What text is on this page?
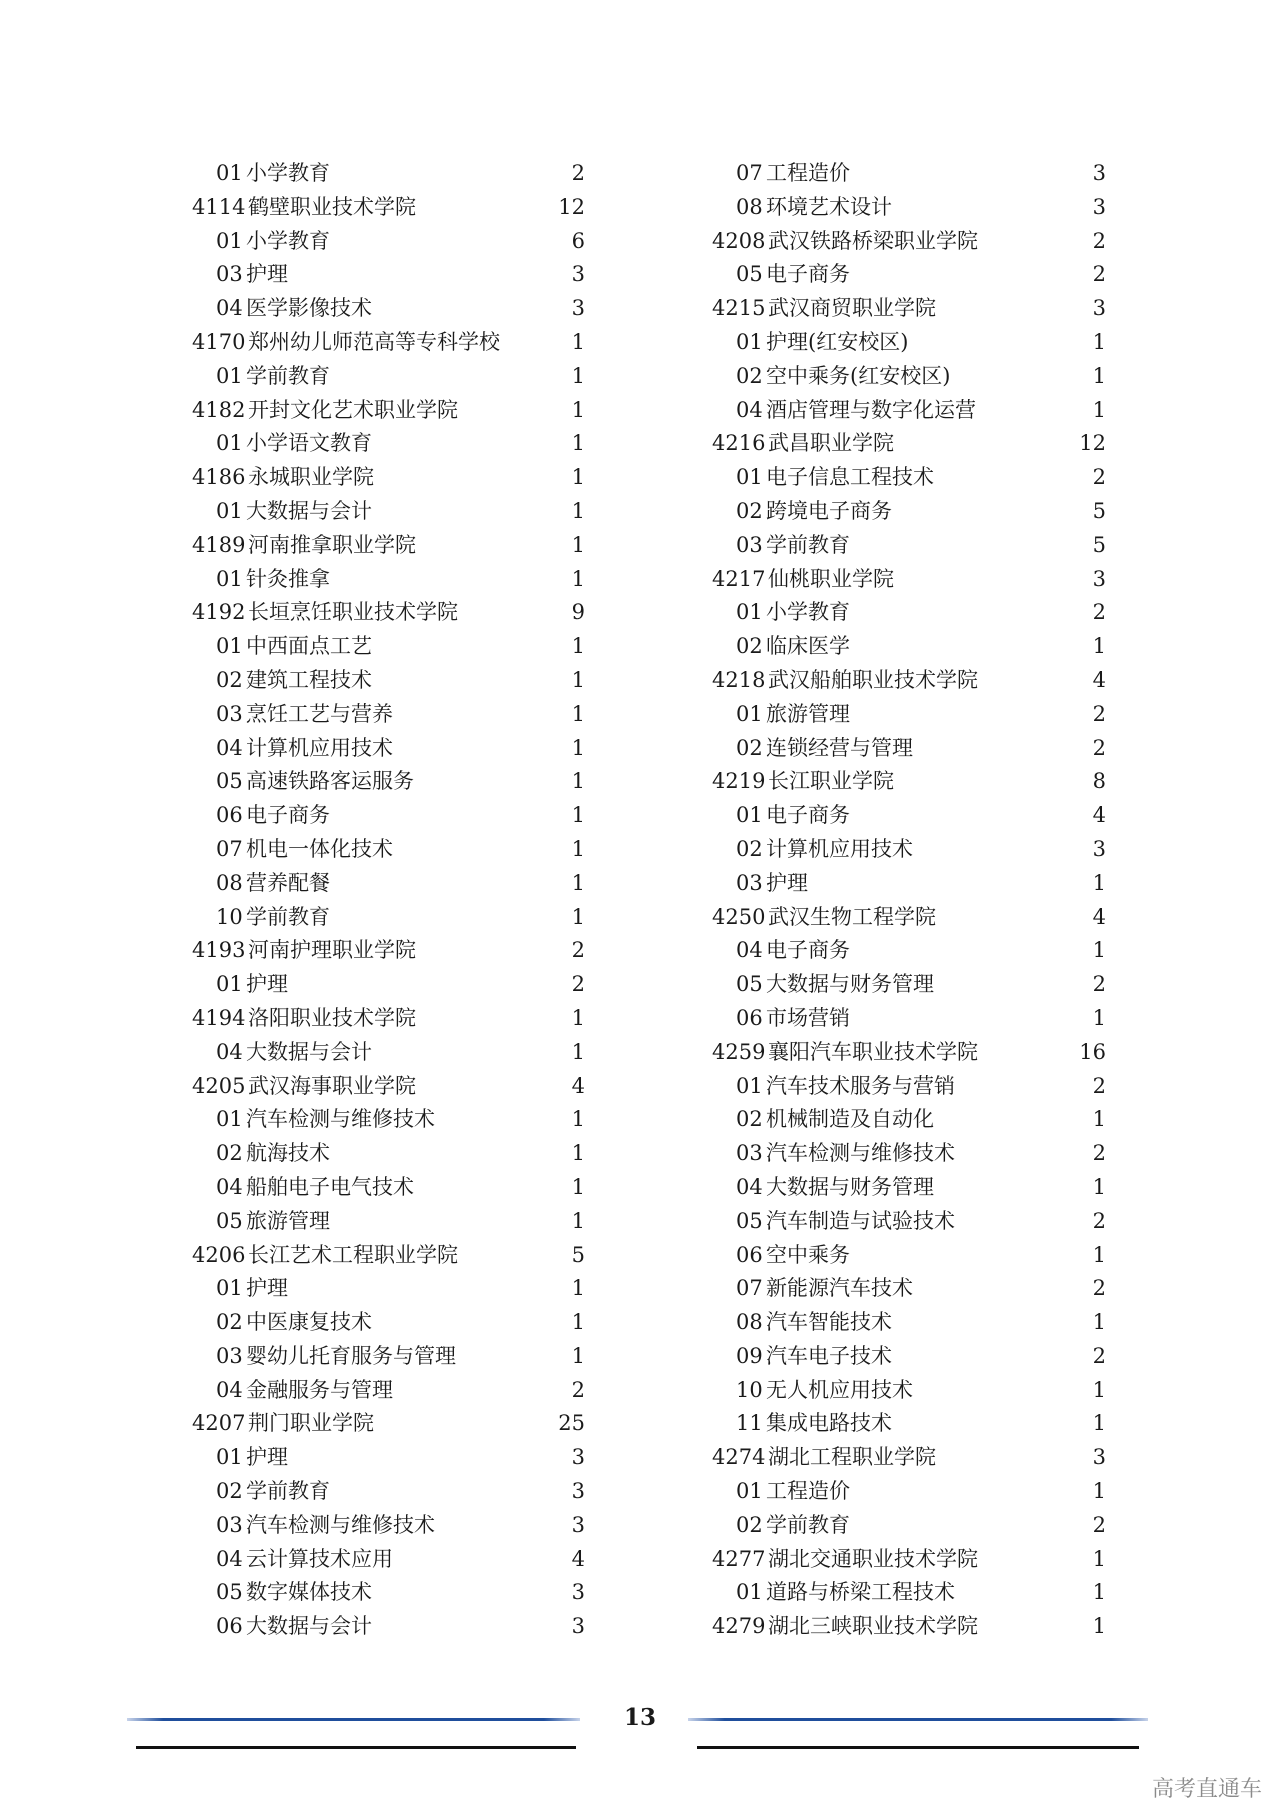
01 小学教育	2
4114 鹤壁职业技术学院	12
01 小学教育	6
03 护理	3
04 医学影像技术	3
4170 郑州幼儿师范高等专科学校	1
01 学前教育	1
4182 开封文化艺术职业学院	1
01 小学语文教育	1
4186 永城职业学院	1
01 大数据与会计	1
4189 河南推拿职业学院	1
01 针灸推拿	1
4192 长垣烹饪职业技术学院	9
01 中西面点工艺	1
02 建筑工程技术	1
03 烹饪工艺与营养	1
04 计算机应用技术	1
05 高速铁路客运服务	1
06 电子商务	1
07 机电一体化技术	1
08 营养配餐	1
10 学前教育	1
4193 河南护理职业学院	2
01 护理	2
4194 洛阳职业技术学院	1
04 大数据与会计	1
4205 武汉海事职业学院	4
01 汽车检测与维修技术	1
02 航海技术	1
04 船舶电子电气技术	1
05 旅游管理	1
4206 长江艺术工程职业学院	5
01 护理	1
02 中医康复技术	1
03 婴幼儿托育服务与管理	1
04 金融服务与管理	2
4207 荆门职业学院	25
01 护理	3
02 学前教育	3
03 汽车检测与维修技术	3
04 云计算技术应用	4
05 数字媒体技术	3
06 大数据与会计	3
07 工程造价	3
08 环境艺术设计	3
4208 武汉铁路桥梁职业学院	2
05 电子商务	2
4215 武汉商贸职业学院	3
01 护理(红安校区)	1
02 空中乘务(红安校区)	1
04 酒店管理与数字化运营	1
4216 武昌职业学院	12
01 电子信息工程技术	2
02 跨境电子商务	5
03 学前教育	5
4217 仙桃职业学院	3
01 小学教育	2
02 临床医学	1
4218 武汉船舶职业技术学院	4
01 旅游管理	2
02 连锁经营与管理	2
4219 长江职业学院	8
01 电子商务	4
02 计算机应用技术	3
03 护理	1
4250 武汉生物工程学院	4
04 电子商务	1
05 大数据与财务管理	2
06 市场营销	1
4259 襄阳汽车职业技术学院	16
01 汽车技术服务与营销	2
02 机械制造及自动化	1
03 汽车检测与维修技术	2
04 大数据与财务管理	1
05 汽车制造与试验技术	2
06 空中乘务	1
07 新能源汽车技术	2
08 汽车智能技术	1
09 汽车电子技术	2
10 无人机应用技术	1
11 集成电路技术	1
4274 湖北工程职业学院	3
01 工程造价	1
02 学前教育	2
4277 湖北交通职业技术学院	1
01 道路与桥梁工程技术	1
4279 湖北三峡职业技术学院	1
13
高考直通车
